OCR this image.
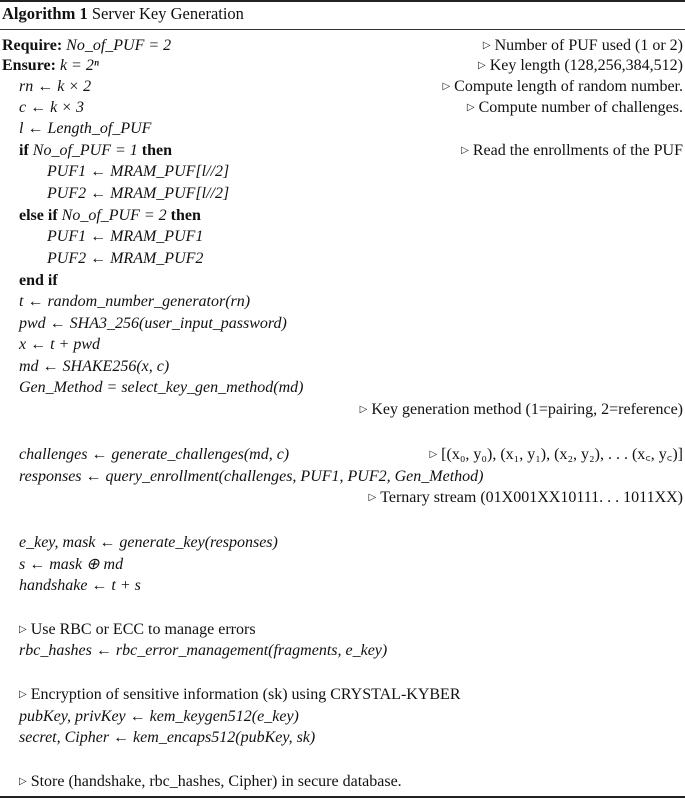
Algorithm 1 Server Key Generation
Require: No_of_PUF = 2	▷ Number of PUF used (1 or 2)
Ensure: k = 2ⁿ	▷ Key length (128,256,384,512)
rn ← k × 2	▷ Compute length of random number.
c ← k × 3	▷ Compute number of challenges.
l ← Length_of_PUF
if No_of_PUF = 1 then	▷ Read the enrollments of the PUF
PUF1 ← MRAM_PUF[l//2]
PUF2 ← MRAM_PUF[l//2]
else if No_of_PUF = 2 then
PUF1 ← MRAM_PUF1
PUF2 ← MRAM_PUF2
end if
t ← random_number_generator(rn)
pwd ← SHA3_256(user_input_password)
x ← t + pwd
md ← SHAKE256(x, c)
Gen_Method = select_key_gen_method(md)
▷ Key generation method (1=pairing, 2=reference)
challenges ← generate_challenges(md, c)	▷ [(x₀, y₀), (x₁, y₁), (x₂, y₂), . . . (x꜀, y꜀)]
responses ← query_enrollment(challenges, PUF1, PUF2, Gen_Method)
▷ Ternary stream (01X001XX10111. . . 1011XX)
e_key, mask ← generate_key(responses)
s ← mask ⊕ md
handshake ← t + s
▷ Use RBC or ECC to manage errors
rbc_hashes ← rbc_error_management(fragments, e_key)
▷ Encryption of sensitive information (sk) using CRYSTAL-KYBER
pubKey, privKey ← kem_keygen512(e_key)
secret, Cipher ← kem_encaps512(pubKey, sk)
▷ Store (handshake, rbc_hashes, Cipher) in secure database.
